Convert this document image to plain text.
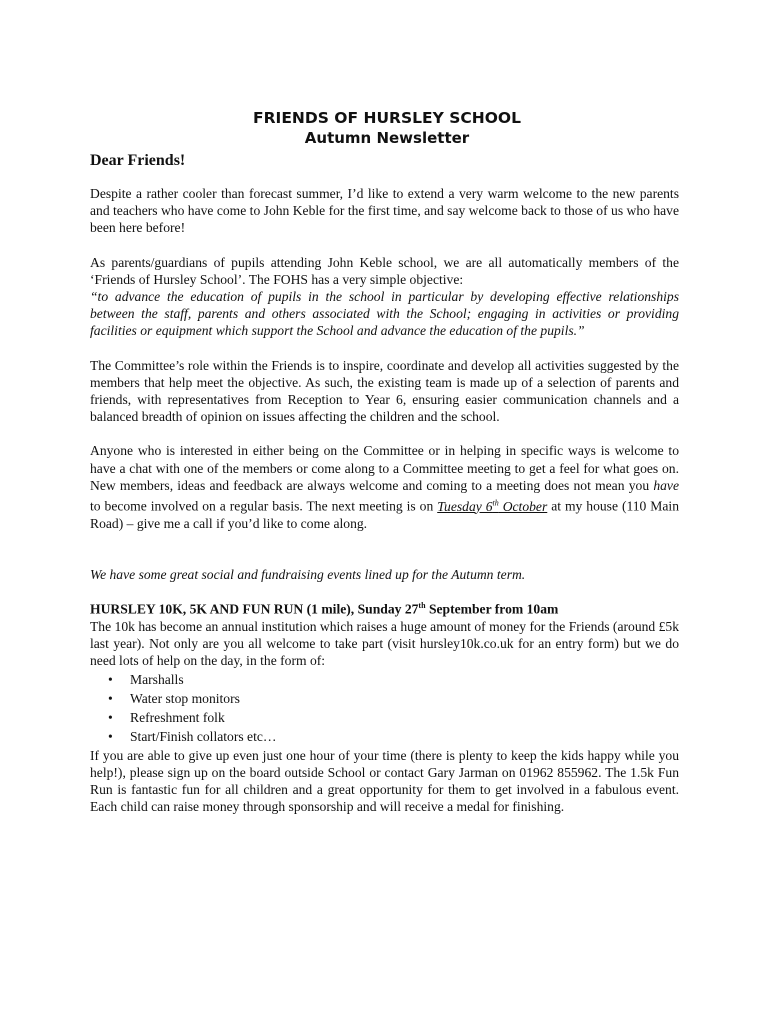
FRIENDS OF HURSLEY SCHOOL
Autumn Newsletter
Dear Friends!

Despite a rather cooler than forecast summer, I’d like to extend a very warm welcome to the new parents and teachers who have come to John Keble for the first time, and say welcome back to those of us who have been here before!

As parents/guardians of pupils attending John Keble school, we are all automatically members of the ‘Friends of Hursley School’. The FOHS has a very simple objective:
“to advance the education of pupils in the school in particular by developing effective relationships between the staff, parents and others associated with the School; engaging in activities or providing facilities or equipment which support the School and advance the education of the pupils.”

The Committee’s role within the Friends is to inspire, coordinate and develop all activities suggested by the members that help meet the objective. As such, the existing team is made up of a selection of parents and friends, with representatives from Reception to Year 6, ensuring easier communication channels and a balanced breadth of opinion on issues affecting the children and the school.

Anyone who is interested in either being on the Committee or in helping in specific ways is welcome to have a chat with one of the members or come along to a Committee meeting to get a feel for what goes on. New members, ideas and feedback are always welcome and coming to a meeting does not mean you have to become involved on a regular basis. The next meeting is on Tuesday 6th October at my house (110 Main Road) – give me a call if you’d like to come along.

We have some great social and fundraising events lined up for the Autumn term.

HURSLEY 10K, 5K AND FUN RUN (1 mile), Sunday 27th September from 10am

The 10k has become an annual institution which raises a huge amount of money for the Friends (around £5k last year). Not only are you all welcome to take part (visit hursley10k.co.uk for an entry form) but we do need lots of help on the day, in the form of:

• Marshalls
• Water stop monitors
• Refreshment folk
• Start/Finish collators etc…

If you are able to give up even just one hour of your time (there is plenty to keep the kids happy while you help!), please sign up on the board outside School or contact Gary Jarman on 01962 855962. The 1.5k Fun Run is fantastic fun for all children and a great opportunity for them to get involved in a fabulous event. Each child can raise money through sponsorship and will receive a medal for finishing.
